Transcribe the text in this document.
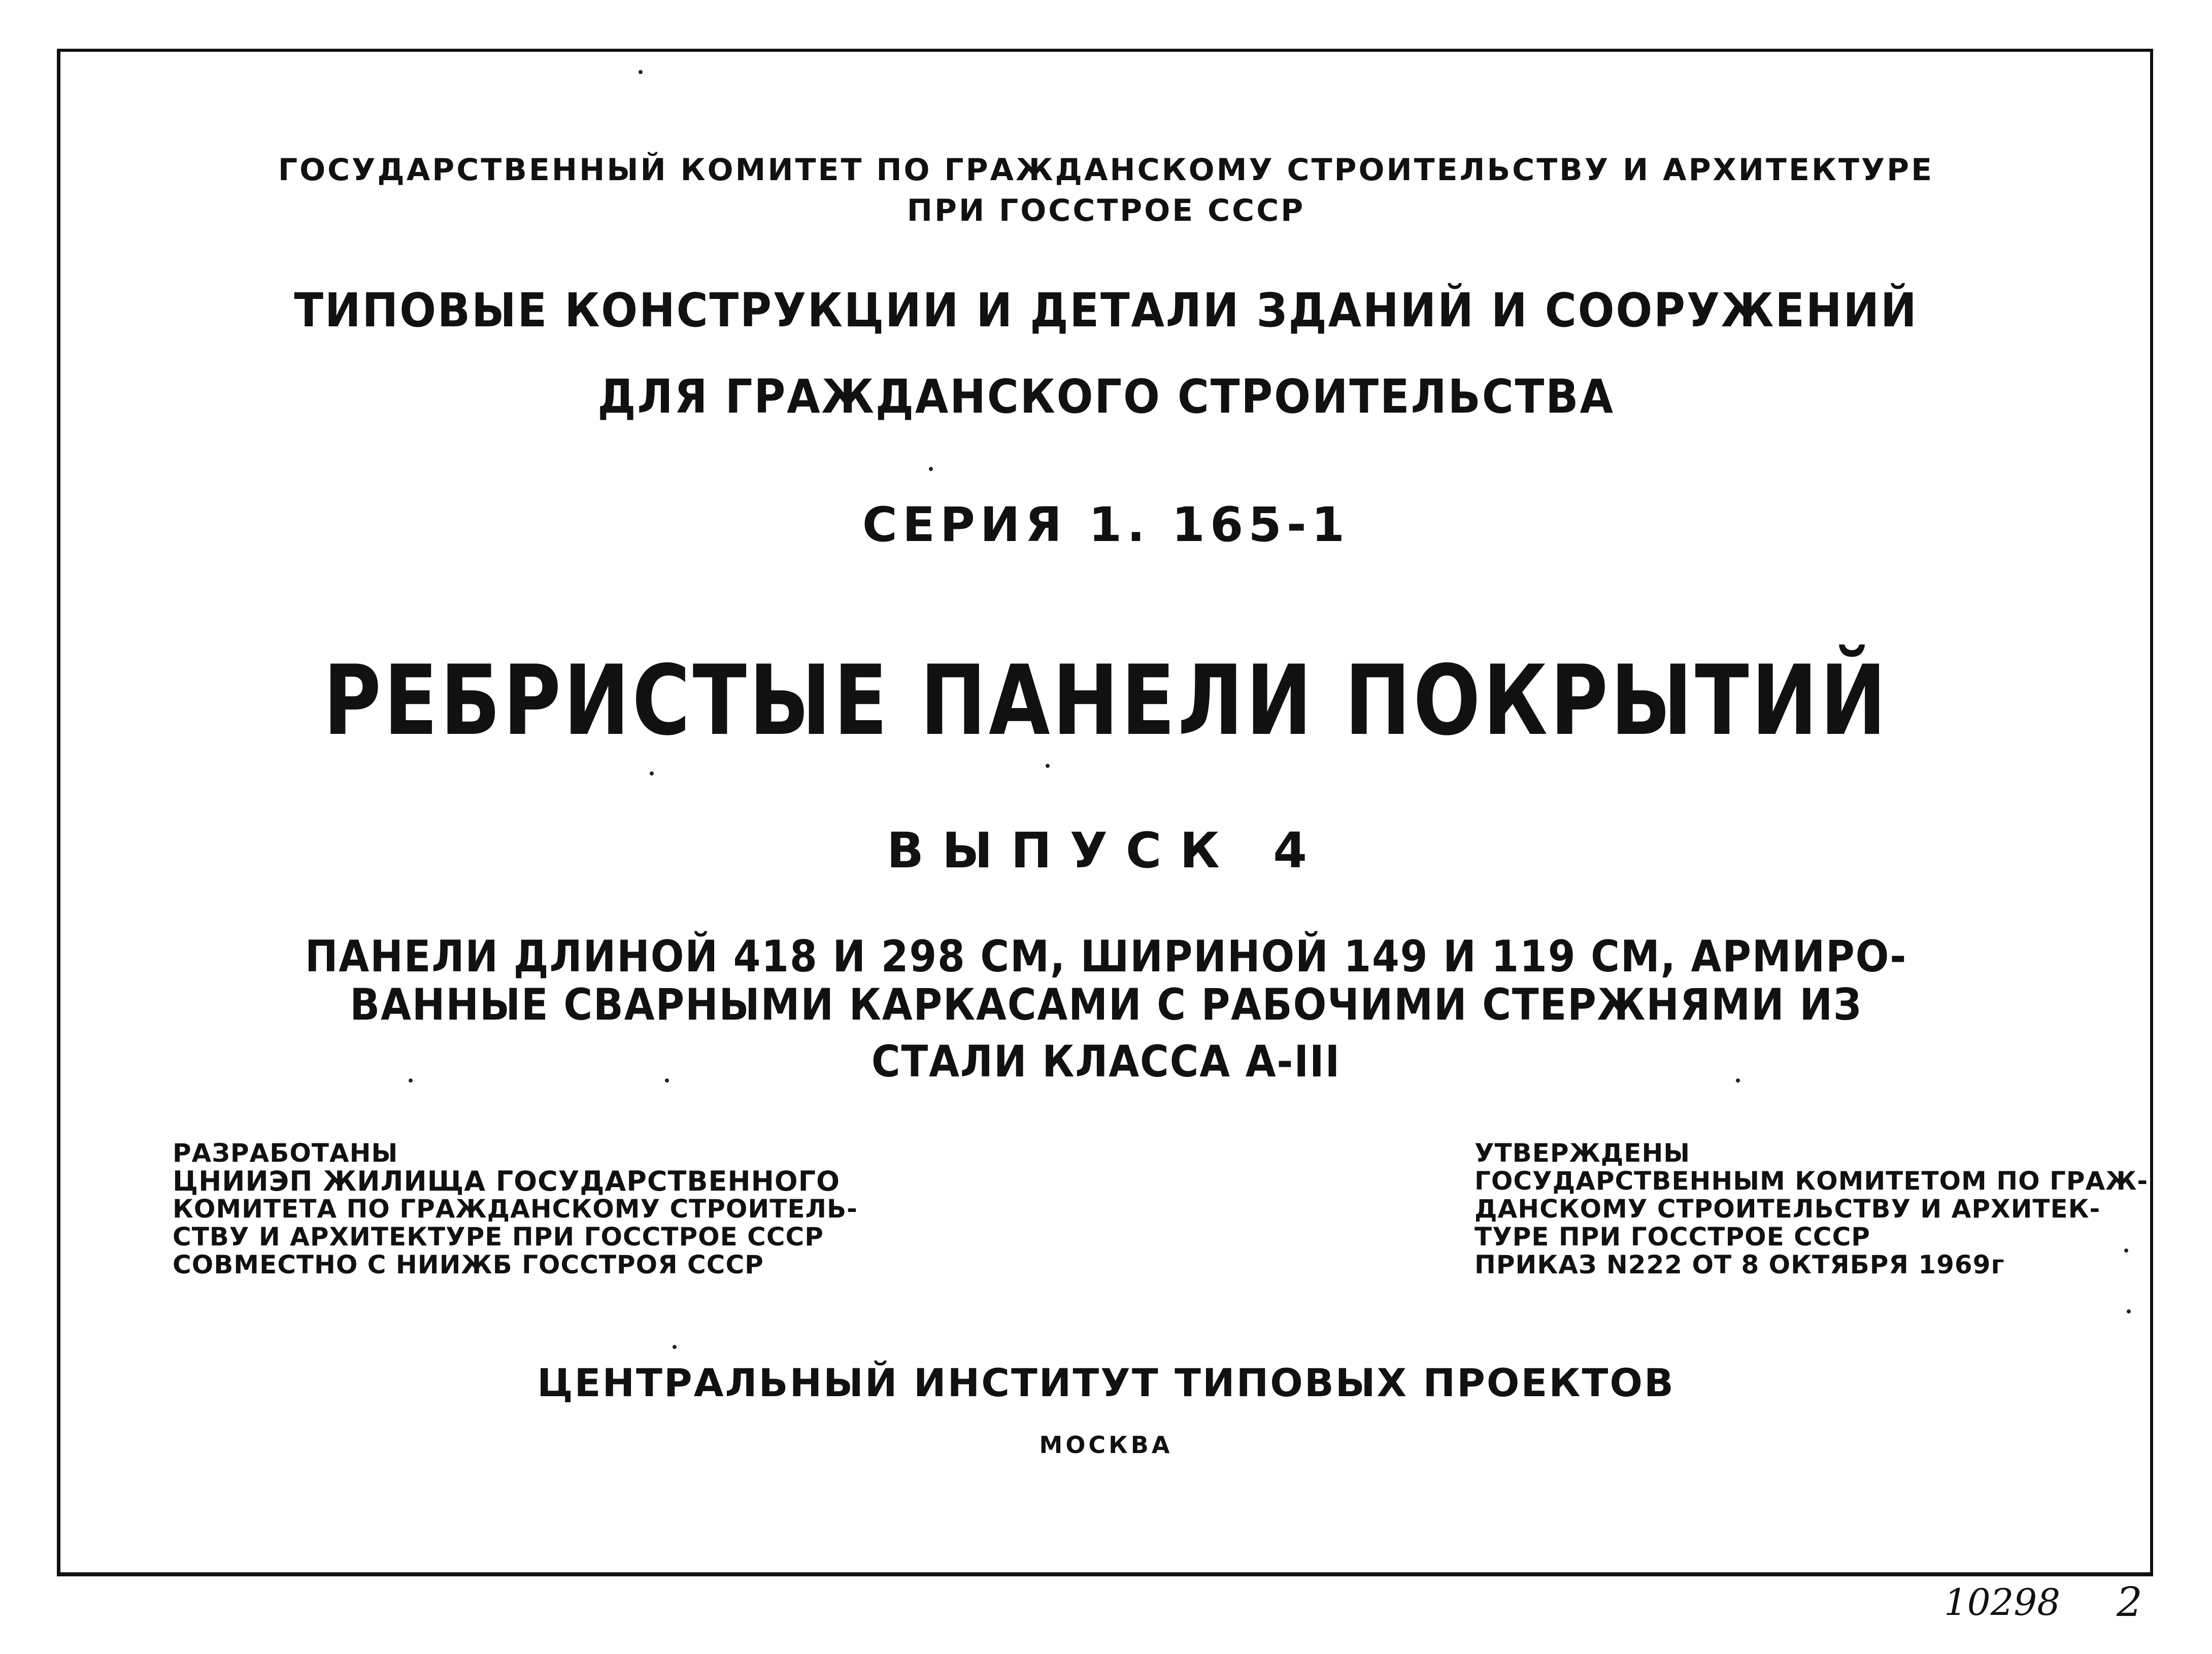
ГОСУДАРСТВЕННЫЙ КОМИТЕТ ПО ГРАЖДАНСКОМУ СТРОИТЕЛЬСТВУ И АРХИТЕКТУРЕ
ПРИ ГОССТРОЕ СССР
ТИПОВЫЕ КОНСТРУКЦИИ И ДЕТАЛИ ЗДАНИЙ И СООРУЖЕНИЙ
ДЛЯ ГРАЖДАНСКОГО СТРОИТЕЛЬСТВА
СЕРИЯ 1. 165-1
РЕБРИСТЫЕ ПАНЕЛИ ПОКРЫТИЙ
ВЫПУСК 4
ПАНЕЛИ ДЛИНОЙ 418 И 298 СМ, ШИРИНОЙ 149 И 119 СМ, АРМИРО-
ВАННЫЕ СВАРНЫМИ КАРКАСАМИ С РАБОЧИМИ СТЕРЖНЯМИ ИЗ
СТАЛИ КЛАССА А-III
РАЗРАБОТАНЫ
ЦНИИЭП ЖИЛИЩА ГОСУДАРСТВЕННОГО
КОМИТЕТА ПО ГРАЖДАНСКОМУ СТРОИТЕЛЬ-
СТВУ И АРХИТЕКТУРЕ ПРИ ГОССТРОЕ СССР
СОВМЕСТНО С НИИЖБ ГОССТРОЯ СССР
УТВЕРЖДЕНЫ
ГОСУДАРСТВЕННЫМ КОМИТЕТОМ ПО ГРАЖ-
ДАНСКОМУ СТРОИТЕЛЬСТВУ И АРХИТЕК-
ТУРЕ ПРИ ГОССТРОЕ СССР
ПРИКАЗ N222 ОТ 8 ОКТЯБРЯ 1969г
ЦЕНТРАЛЬНЫЙ ИНСТИТУТ ТИПОВЫХ ПРОЕКТОВ
МОСКВА
10298 2
